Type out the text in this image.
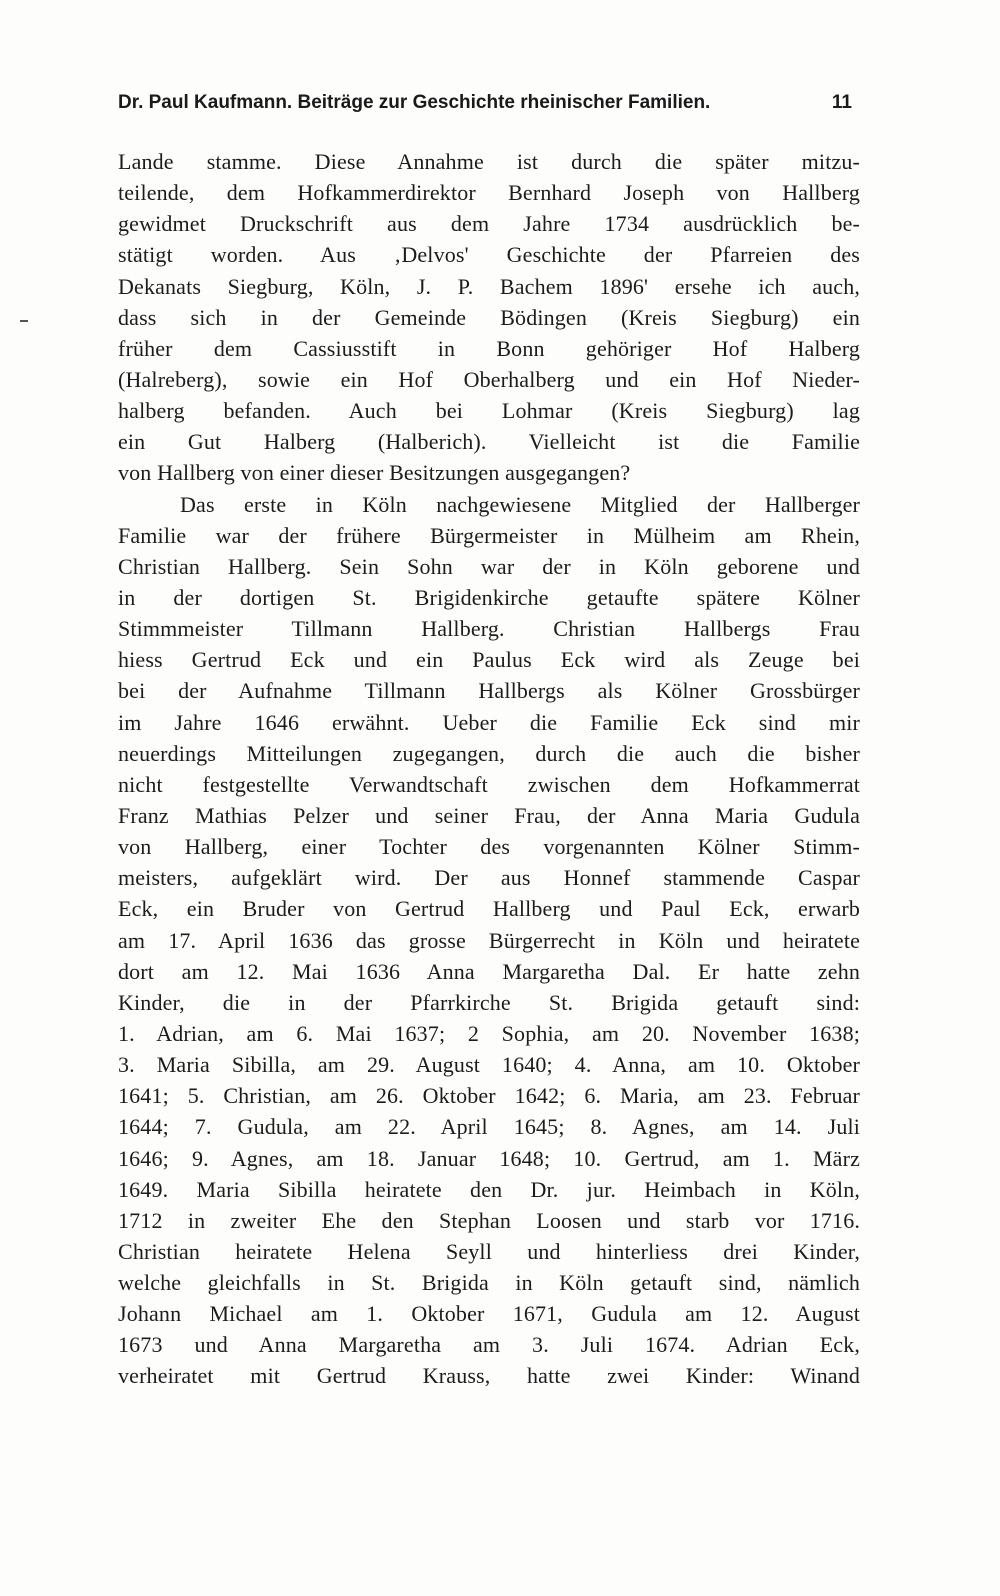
Dr. Paul Kaufmann. Beiträge zur Geschichte rheinischer Familien.	11
Lande stamme. Diese Annahme ist durch die später mitzu-
teilende, dem Hofkammerdirektor Bernhard Joseph von Hallberg
gewidmet Druckschrift aus dem Jahre 1734 ausdrücklich be-
stätigt worden. Aus ‚Delvos' Geschichte der Pfarreien des
Dekanats Siegburg, Köln, J. P. Bachem 1896' ersehe ich auch,
dass sich in der Gemeinde Bödingen (Kreis Siegburg) ein
früher dem Cassiusstift in Bonn gehöriger Hof Halberg
(Halreberg), sowie ein Hof Oberhalberg und ein Hof Nieder-
halberg befanden. Auch bei Lohmar (Kreis Siegburg) lag
ein Gut Halberg (Halberich). Vielleicht ist die Familie
von Hallberg von einer dieser Besitzungen ausgegangen?
Das erste in Köln nachgewiesene Mitglied der Hallberger
Familie war der frühere Bürgermeister in Mülheim am Rhein,
Christian Hallberg. Sein Sohn war der in Köln geborene und
in der dortigen St. Brigidenkirche getaufte spätere Kölner
Stimmmeister Tillmann Hallberg. Christian Hallbergs Frau
hiess Gertrud Eck und ein Paulus Eck wird als Zeuge bei
bei der Aufnahme Tillmann Hallbergs als Kölner Grossbürger
im Jahre 1646 erwähnt. Ueber die Familie Eck sind mir
neuerdings Mitteilungen zugegangen, durch die auch die bisher
nicht festgestellte Verwandtschaft zwischen dem Hofkammerrat
Franz Mathias Pelzer und seiner Frau, der Anna Maria Gudula
von Hallberg, einer Tochter des vorgenannten Kölner Stimm-
meisters, aufgeklärt wird. Der aus Honnef stammende Caspar
Eck, ein Bruder von Gertrud Hallberg und Paul Eck, erwarb
am 17. April 1636 das grosse Bürgerrecht in Köln und heiratete
dort am 12. Mai 1636 Anna Margaretha Dal. Er hatte zehn
Kinder, die in der Pfarrkirche St. Brigida getauft sind:
1. Adrian, am 6. Mai 1637; 2 Sophia, am 20. November 1638;
3. Maria Sibilla, am 29. August 1640; 4. Anna, am 10. Oktober
1641; 5. Christian, am 26. Oktober 1642; 6. Maria, am 23. Februar
1644; 7. Gudula, am 22. April 1645; 8. Agnes, am 14. Juli
1646; 9. Agnes, am 18. Januar 1648; 10. Gertrud, am 1. März
1649. Maria Sibilla heiratete den Dr. jur. Heimbach in Köln,
1712 in zweiter Ehe den Stephan Loosen und starb vor 1716.
Christian heiratete Helena Seyll und hinterliess drei Kinder,
welche gleichfalls in St. Brigida in Köln getauft sind, nämlich
Johann Michael am 1. Oktober 1671, Gudula am 12. August
1673 und Anna Margaretha am 3. Juli 1674. Adrian Eck,
verheiratet mit Gertrud Krauss, hatte zwei Kinder: Winand
